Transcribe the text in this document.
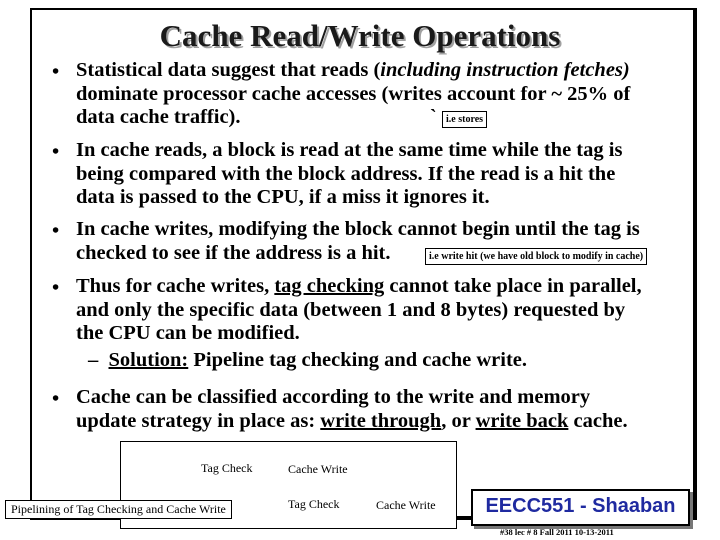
Cache Read/Write Operations
• Statistical data suggest that reads (including instruction fetches)
dominate processor cache accesses (writes account for ~ 25% of
data cache traffic).	` i.e stores
• In cache reads, a block is read at the same time while the tag is
being compared with the block address. If the read is a hit the
data is passed to the CPU, if a miss it ignores it.
• In cache writes, modifying the block cannot begin until the tag is
checked to see if the address is a hit.	i.e write hit (we have old block to modify in cache)
• Thus for cache writes, tag checking cannot take place in parallel,
and only the specific data (between 1 and 8 bytes) requested by
the CPU can be modified.
– Solution: Pipeline tag checking and cache write.
• Cache can be classified according to the write and memory
update strategy in place as: write through, or write back cache.
Tag Check	Cache Write
Tag Check	Cache Write
Pipelining of Tag Checking and Cache Write	EECC551 - Shaaban
#38 lec # 8 Fall 2011 10-13-2011
